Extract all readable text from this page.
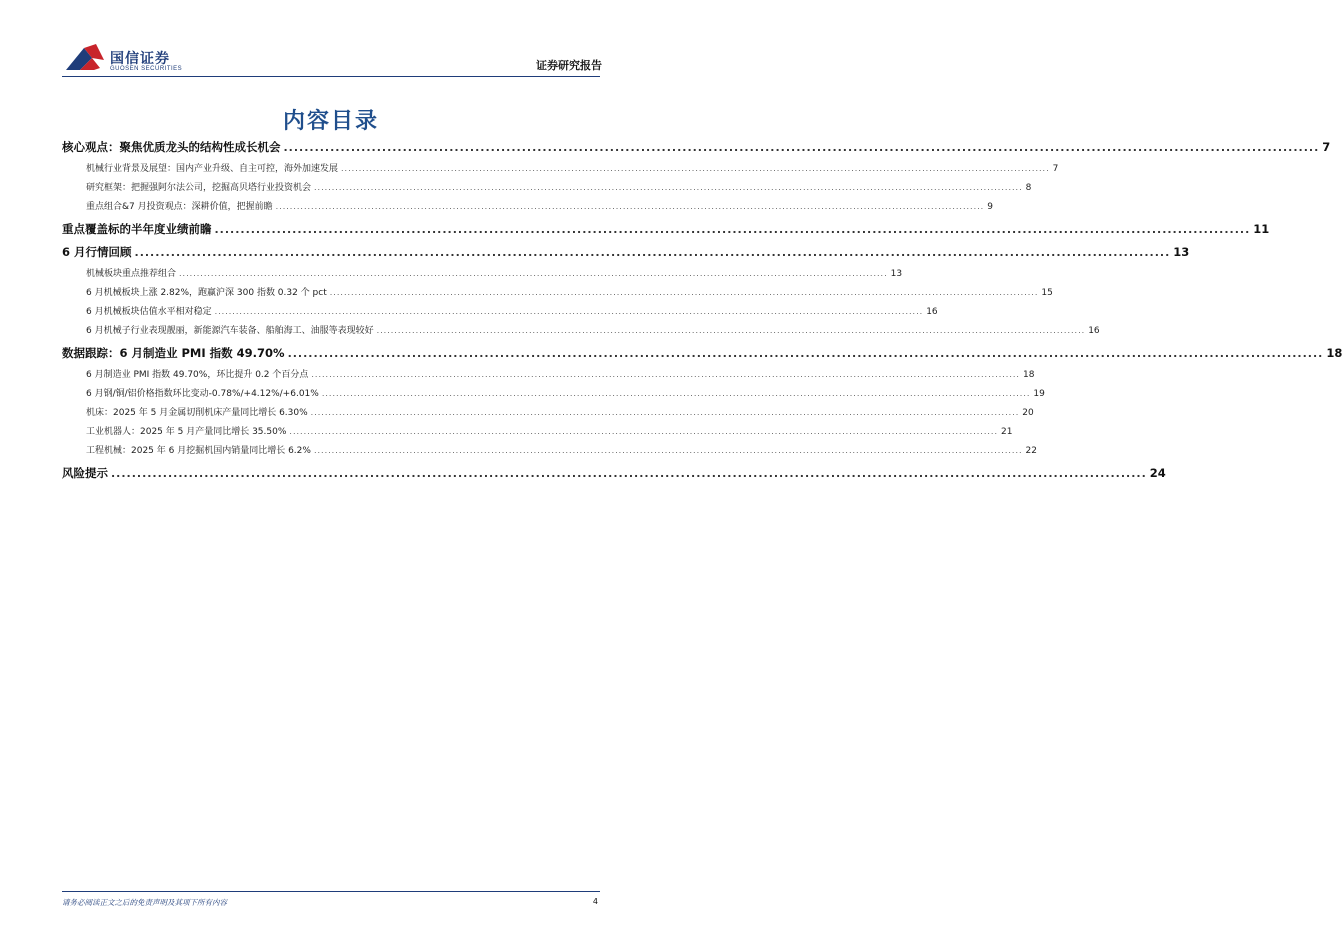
国信证券
GUOSEN SECURITIES	证券研究报告
内容目录
核心观点：聚焦优质龙头的结构性成长机会 ........................................................................................................................................................................................................ 7
机械行业背景及展望：国内产业升级、自主可控，海外加速发展 ........................................................................................................................................................................................................ 7
研究框架：把握强阿尔法公司，挖掘高贝塔行业投资机会 ........................................................................................................................................................................................................ 8
重点组合&7 月投资观点：深耕价值，把握前瞻 ........................................................................................................................................................................................................ 9
重点覆盖标的半年度业绩前瞻 ........................................................................................................................................................................................................ 11
6 月行情回顾 ........................................................................................................................................................................................................ 13
机械板块重点推荐组合 ........................................................................................................................................................................................................ 13
6 月机械板块上涨 2.82%，跑赢沪深 300 指数 0.32 个 pct ........................................................................................................................................................................................................ 15
6 月机械板块估值水平相对稳定 ........................................................................................................................................................................................................ 16
6 月机械子行业表现靓丽，新能源汽车装备、船舶海工、油服等表现较好 ........................................................................................................................................................................................................ 16
数据跟踪：6 月制造业 PMI 指数 49.70% ........................................................................................................................................................................................................ 18
6 月制造业 PMI 指数 49.70%，环比提升 0.2 个百分点 ........................................................................................................................................................................................................ 18
6 月钢/铜/铝价格指数环比变动-0.78%/+4.12%/+6.01% ........................................................................................................................................................................................................ 19
机床：2025 年 5 月金属切削机床产量同比增长 6.30% ........................................................................................................................................................................................................ 20
工业机器人：2025 年 5 月产量同比增长 35.50% ........................................................................................................................................................................................................ 21
工程机械：2025 年 6 月挖掘机国内销量同比增长 6.2% ........................................................................................................................................................................................................ 22
风险提示 ........................................................................................................................................................................................................ 24
请务必阅读正文之后的免责声明及其项下所有内容	4
